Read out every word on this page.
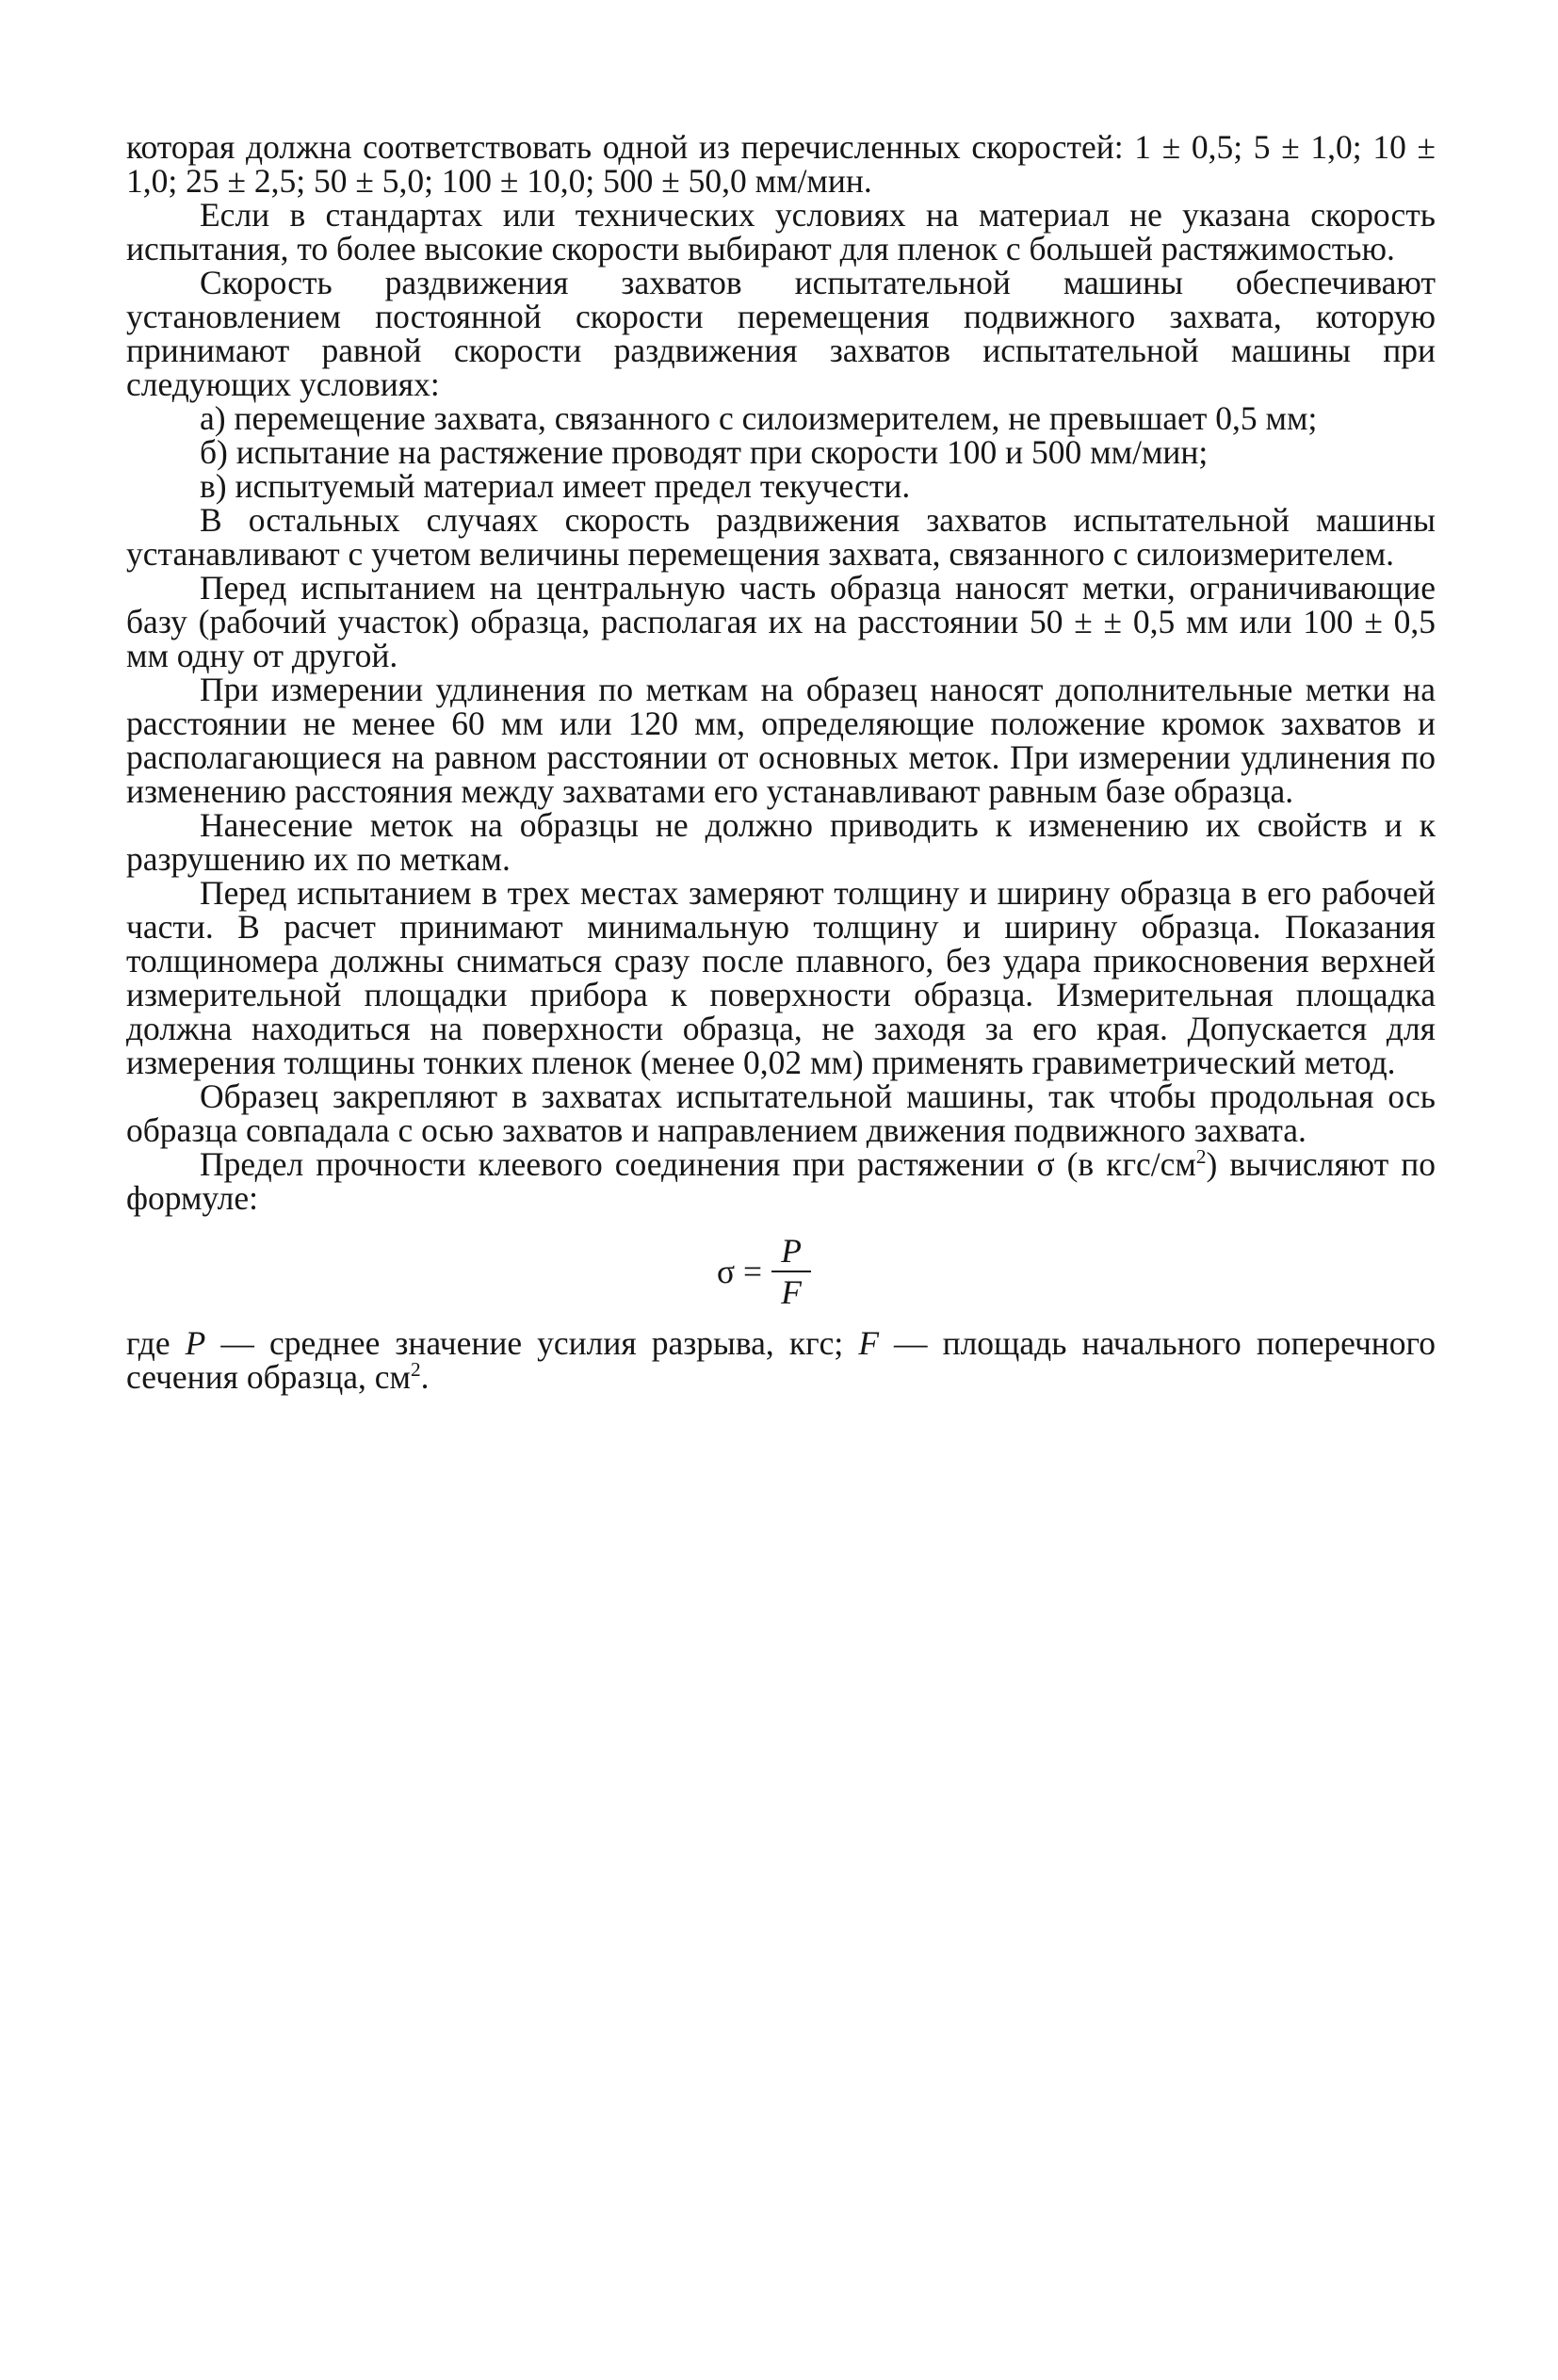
которая должна соответствовать одной из перечисленных скоростей: 1 ± 0,5; 5 ± 1,0; 10 ± 1,0; 25 ± 2,5; 50 ± 5,0; 100 ± 10,0; 500 ± 50,0 мм/мин.

Если в стандартах или технических условиях на материал не указана скорость испытания, то более высокие скорости выбирают для пленок с большей растяжимостью.

Скорость раздвижения захватов испытательной машины обеспечивают установлением постоянной скорости перемещения подвижного захвата, которую принимают равной скорости раздвижения захватов испытательной машины при следующих условиях:

а) перемещение захвата, связанного с силоизмерителем, не превышает 0,5 мм;

б) испытание на растяжение проводят при скорости 100 и 500 мм/мин;

в) испытуемый материал имеет предел текучести.

В остальных случаях скорость раздвижения захватов испытательной машины устанавливают с учетом величины перемещения захвата, связанного с силоизмерителем.

Перед испытанием на центральную часть образца наносят метки, ограничивающие базу (рабочий участок) образца, располагая их на расстоянии 50 ± ± 0,5 мм или 100 ± 0,5 мм одну от другой.

При измерении удлинения по меткам на образец наносят дополнительные метки на расстоянии не менее 60 мм или 120 мм, определяющие положение кромок захватов и располагающиеся на равном расстоянии от основных меток. При измерении удлинения по изменению расстояния между захватами его устанавливают равным базе образца.

Нанесение меток на образцы не должно приводить к изменению их свойств и к разрушению их по меткам.

Перед испытанием в трех местах замеряют толщину и ширину образца в его рабочей части. В расчет принимают минимальную толщину и ширину образца. Показания толщиномера должны сниматься сразу после плавного, без удара прикосновения верхней измерительной площадки прибора к поверхности образца. Измерительная площадка должна находиться на поверхности образца, не заходя за его края. Допускается для измерения толщины тонких пленок (менее 0,02 мм) применять гравиметрический метод.

Образец закрепляют в захватах испытательной машины, так чтобы продольная ось образца совпадала с осью захватов и направлением движения подвижного захвата.

Предел прочности клеевого соединения при растяжении σ (в кгс/$см^2$) вычисляют по формуле:

$\sigma = \frac{P}{F}$

где P — среднее значение усилия разрыва, кгс; F — площадь начального поперечного сечения образца, $см^2$.
